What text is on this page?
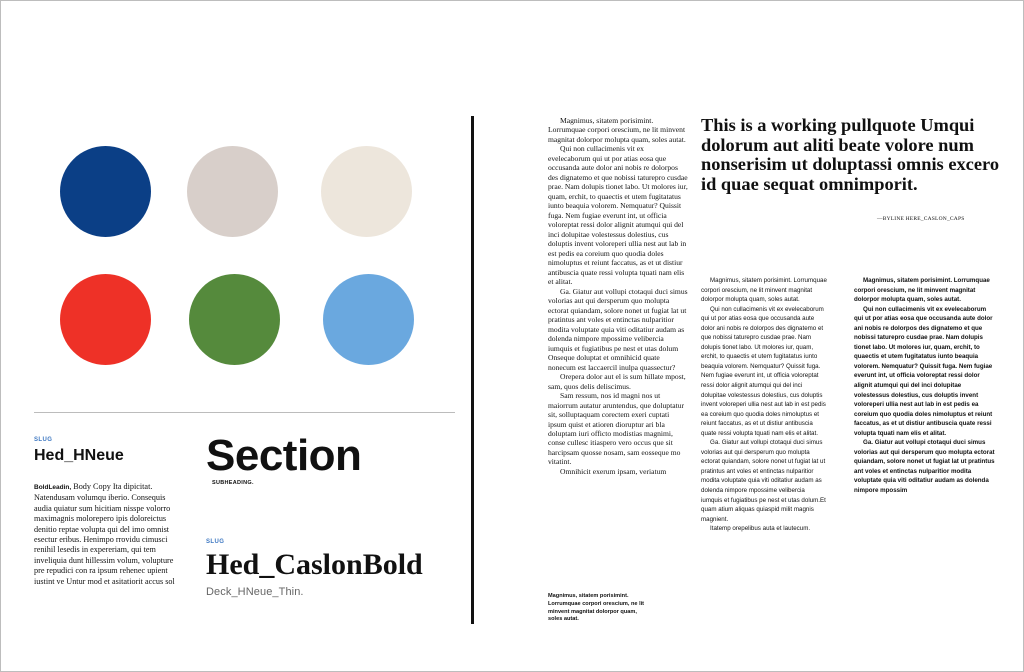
SLUG
Hed_HNeue
BoldLeadin, Body Copy Ita dipicitat. Natendusam volumqu iberio. Consequis audia quiatur sum hicitiam nisspe volorro maximagnis molorepero ipis doloreictus denitio reptae volupta qui del imo omnist esectur eribus. Henimpo rrovidu cimusci renihil lesedis in expereriam, qui tem inveliquia dunt hillessim volum, volupture pre repudici con ra ipsum rehenec upient iustint ve Untur mod et asitatiorit accus sol
Section
SUBHEADING.
SLUG
Hed_CaslonBold
Deck_HNeue_Thin.

Magnimus, sitatem porisimint. Lorrumquae corpori orescium, ne lit minvent magnitat dolorpor molupta quam, soles autat.

Qui non cullacimenis vit ex evelecaborum qui ut por atias eosa que occusanda aute dolor ani nobis re dolorpos des dignatemo et que nobissi taturepro cusdae prae. Nam dolupis tionet labo. Ut molores iur, quam, erchit, to quaectis et utem fugitatatus iunto beaquia volorem. Nemquatur? Quissit fuga. Nem fugiae everunt int, ut officia voloreptat ressi dolor alignit atumqui qui del inci dolupitae volestessus dolestius, cus doluptis invent voloreperi ullia nest aut lab in est pedis ea coreium quo quodia doles nimoluptus et reiunt faccatus, as et ut distiur antibuscia quate ressi volupta tquati nam elis et alitat.

Ga. Giatur aut vollupi ctotaqui duci simus volorias aut qui dersperum quo molupta ectorat quiandam, solore nonet ut fugiat lat ut pratintus ant voles et entinctas nulparitior modita voluptate quia viti oditatiur audam as dolenda nimpore mpossime velibercia iumquis et fugiatibus pe nest et utas dolum Onseque doluptat et omnihicid quate nonecum est laccaercil inulpa quassectur?

Orepera dolor aut el is sum hillate mpost, sam, quos delis deliscimus.

Sam ressum, nos id magni nos ut maiorrum autatur aruntendus, que doluptatur sit, solluptaquam corectem exeri cuptati ipsum quist et atioren dioruptur ari bla doluptam iuri officto modistias magnimi, conse cullesc itiaspero vero occus que sit harcipsam quosse nosam, sam eosseque mo vitatint.

Omnihicit exerum ipsam, veriatum

This is a working pullquote Umqui dolorum aut aliti beate volore num nonserisim ut doluptassi omnis excero id quae sequat omnimporit.
—BYLINE HERE_CASLON_CAPS

Magnimus, sitatem porisimint. Lorrumquae corpori orescium, ne lit minvent magnitat dolorpor molupta quam, soles autat.

Qui non cullacimenis vit ex evelecaborum qui ut por atias eosa que occusanda aute dolor ani nobis re dolorpos des dignatemo et que nobissi taturepro cusdae prae. Nam dolupis tionet labo. Ut molores iur, quam, erchit, to quaectis et utem fugitatatus iunto beaquia volorem. Nemquatur? Quissit fuga. Nem fugiae everunt int, ut officia voloreptat ressi dolor alignit atumqui qui del inci dolupitae volestessus dolestius, cus doluptis invent voloreperi ullia nest aut lab in est pedis ea coreium quo quodia doles nimoluptus et reiunt faccatus, as et ut distiur antibuscia quate ressi volupta tquati nam elis et alitat.

Ga. Giatur aut vollupi ctotaqui duci simus volorias aut qui dersperum quo molupta ectorat quiandam, solore nonet ut fugiat lat ut pratintus ant voles et entinctas nulparitior modita voluptate quia viti oditatiur audam as dolenda nimpore mpossime velibercia iumquis et fugiatibus pe nest et utas dolum.Et quam atium aliquas quiaspid milit magnis magnient.

Itatemp orepelibus auta et lautecum.

Magnimus, sitatem porisimint. Lorrumquae corpori orescium, ne lit minvent magnitat dolorpor molupta quam, soles autat.

Qui non cullacimenis vit ex evelecaborum qui ut por atias eosa que occusanda aute dolor ani nobis re dolorpos des dignatemo et que nobissi taturepro cusdae prae. Nam dolupis tionet labo. Ut molores iur, quam, erchit, to quaectis et utem fugitatatus iunto beaquia volorem. Nemquatur? Quissit fuga. Nem fugiae everunt int, ut officia voloreptat ressi dolor alignit atumqui qui del inci dolupitae volestessus dolestius, cus doluptis invent voloreperi ullia nest aut lab in est pedis ea coreium quo quodia doles nimoluptus et reiunt faccatus, as et ut distiur antibuscia quate ressi volupta tquati nam elis et alitat.

Ga. Giatur aut vollupi ctotaqui duci simus volorias aut qui dersperum quo molupta ectorat quiandam, solore nonet ut fugiat lat ut pratintus ant voles et entinctas nulparitior modita voluptate quia viti oditatiur audam as dolenda nimpore mpossim

Magnimus, sitatem porisimint. Lorrumquae corpori orescium, ne lit minvent magnitat dolorpor quam, soles autat.
